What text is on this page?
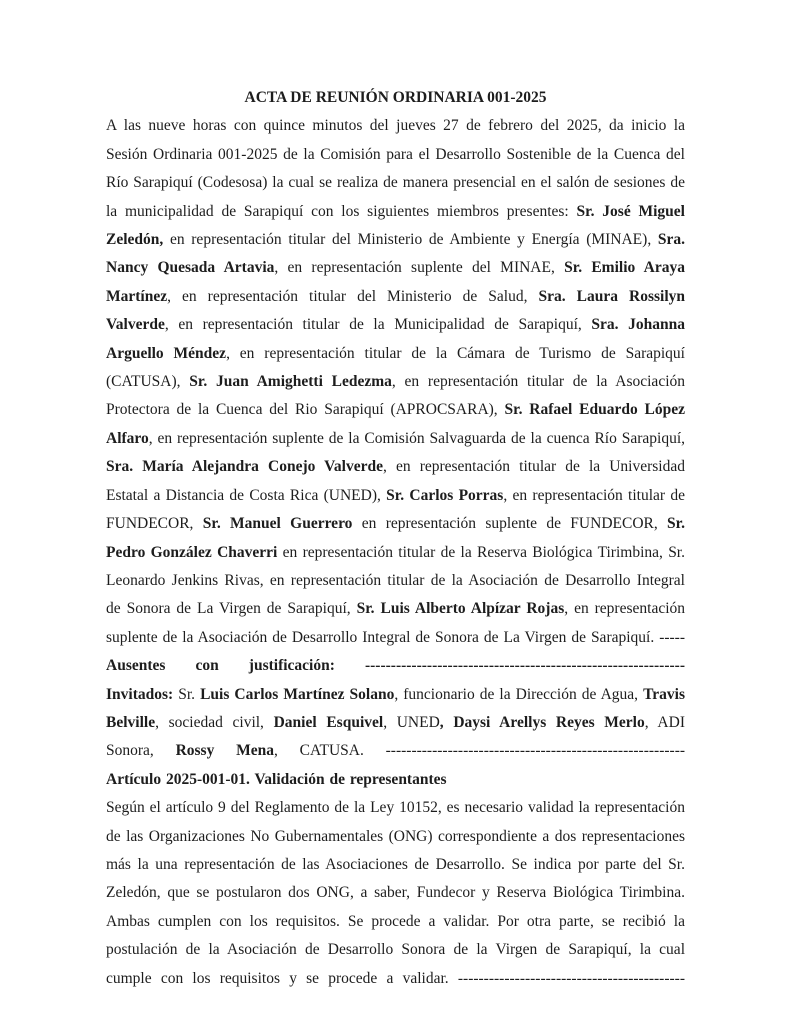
ACTA DE REUNIÓN ORDINARIA 001-2025

A las nueve horas con quince minutos del jueves 27 de febrero del 2025, da inicio la Sesión Ordinaria 001-2025 de la Comisión para el Desarrollo Sostenible de la Cuenca del Río Sarapiquí (Codesosa) la cual se realiza de manera presencial en el salón de sesiones de la municipalidad de Sarapiquí con los siguientes miembros presentes: Sr. José Miguel Zeledón, en representación titular del Ministerio de Ambiente y Energía (MINAE), Sra. Nancy Quesada Artavia, en representación suplente del MINAE, Sr. Emilio Araya Martínez, en representación titular del Ministerio de Salud, Sra. Laura Rossilyn Valverde, en representación titular de la Municipalidad de Sarapiquí, Sra. Johanna Arguello Méndez, en representación titular de la Cámara de Turismo de Sarapiquí (CATUSA), Sr. Juan Amighetti Ledezma, en representación titular de la Asociación Protectora de la Cuenca del Rio Sarapiquí (APROCSARA), Sr. Rafael Eduardo López Alfaro, en representación suplente de la Comisión Salvaguarda de la cuenca Río Sarapiquí, Sra. María Alejandra Conejo Valverde, en representación titular de la Universidad Estatal a Distancia de Costa Rica (UNED), Sr. Carlos Porras, en representación titular de FUNDECOR, Sr. Manuel Guerrero en representación suplente de FUNDECOR, Sr. Pedro González Chaverri en representación titular de la Reserva Biológica Tirimbina, Sr. Leonardo Jenkins Rivas, en representación titular de la Asociación de Desarrollo Integral de Sonora de La Virgen de Sarapiquí, Sr. Luis Alberto Alpízar Rojas, en representación suplente de la Asociación de Desarrollo Integral de Sonora de La Virgen de Sarapiquí. -----

Ausentes con justificación: --------------------------------------------------------------

Invitados: Sr. Luis Carlos Martínez Solano, funcionario de la Dirección de Agua, Travis Belville, sociedad civil, Daniel Esquivel, UNED, Daysi Arellys Reyes Merlo, ADI Sonora, Rossy Mena, CATUSA. ----------------------------------------------------------

Artículo 2025-001-01. Validación de representantes

Según el artículo 9 del Reglamento de la Ley 10152, es necesario validad la representación de las Organizaciones No Gubernamentales (ONG) correspondiente a dos representaciones más la una representación de las Asociaciones de Desarrollo. Se indica por parte del Sr. Zeledón, que se postularon dos ONG, a saber, Fundecor y Reserva Biológica Tirimbina. Ambas cumplen con los requisitos. Se procede a validar. Por otra parte, se recibió la postulación de la Asociación de Desarrollo Sonora de la Virgen de Sarapiquí, la cual cumple con los requisitos y se procede a validar. --------------------------------------------
